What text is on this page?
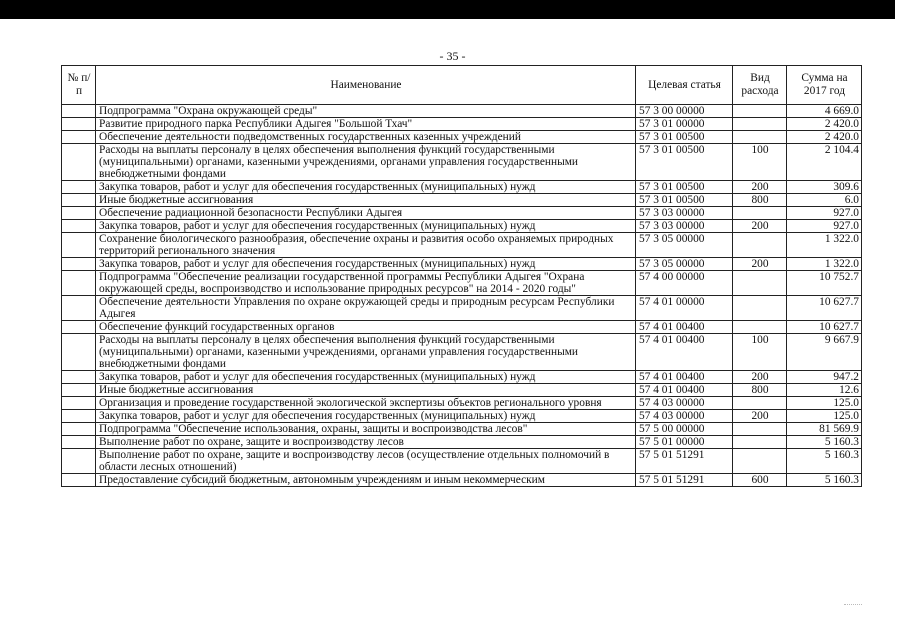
- 35 -
№ п/п	Наименование	Целевая статья	Вид расхода	Сумма на 2017 год
	Подпрограмма "Охрана окружающей среды"	57 3 00 00000		4 669.0
	Развитие природного парка Республики Адыгея "Большой Тхач"	57 3 01 00000		2 420.0
	Обеспечение деятельности подведомственных государственных казенных учреждений	57 3 01 00500		2 420.0
	Расходы на выплаты персоналу в целях обеспечения выполнения функций государственными (муниципальными) органами, казенными учреждениями, органами управления государственными внебюджетными фондами	57 3 01 00500	100	2 104.4
	Закупка товаров, работ и услуг для обеспечения государственных (муниципальных) нужд	57 3 01 00500	200	309.6
	Иные бюджетные ассигнования	57 3 01 00500	800	6.0
	Обеспечение радиационной безопасности Республики Адыгея	57 3 03 00000		927.0
	Закупка товаров, работ и услуг для обеспечения государственных (муниципальных) нужд	57 3 03 00000	200	927.0
	Сохранение биологического разнообразия, обеспечение охраны и развития особо охраняемых природных территорий регионального значения	57 3 05 00000		1 322.0
	Закупка товаров, работ и услуг для обеспечения государственных (муниципальных) нужд	57 3 05 00000	200	1 322.0
	Подпрограмма "Обеспечение реализации государственной программы Республики Адыгея "Охрана окружающей среды, воспроизводство и использование природных ресурсов" на 2014 - 2020 годы"	57 4 00 00000		10 752.7
	Обеспечение деятельности Управления по охране окружающей среды и природным ресурсам Республики Адыгея	57 4 01 00000		10 627.7
	Обеспечение функций государственных органов	57 4 01 00400		10 627.7
	Расходы на выплаты персоналу в целях обеспечения выполнения функций государственными (муниципальными) органами, казенными учреждениями, органами управления государственными внебюджетными фондами	57 4 01 00400	100	9 667.9
	Закупка товаров, работ и услуг для обеспечения государственных (муниципальных) нужд	57 4 01 00400	200	947.2
	Иные бюджетные ассигнования	57 4 01 00400	800	12.6
	Организация и проведение государственной экологической экспертизы объектов регионального уровня	57 4 03 00000		125.0
	Закупка товаров, работ и услуг для обеспечения государственных (муниципальных) нужд	57 4 03 00000	200	125.0
	Подпрограмма "Обеспечение использования, охраны, защиты и воспроизводства лесов"	57 5 00 00000		81 569.9
	Выполнение работ по охране, защите и воспроизводству лесов	57 5 01 00000		5 160.3
	Выполнение работ по охране, защите и воспроизводству лесов (осуществление отдельных полномочий в области лесных отношений)	57 5 01 51291		5 160.3
	Предоставление субсидий бюджетным, автономным учреждениям и иным некоммерческим	57 5 01 51291	600	5 160.3
